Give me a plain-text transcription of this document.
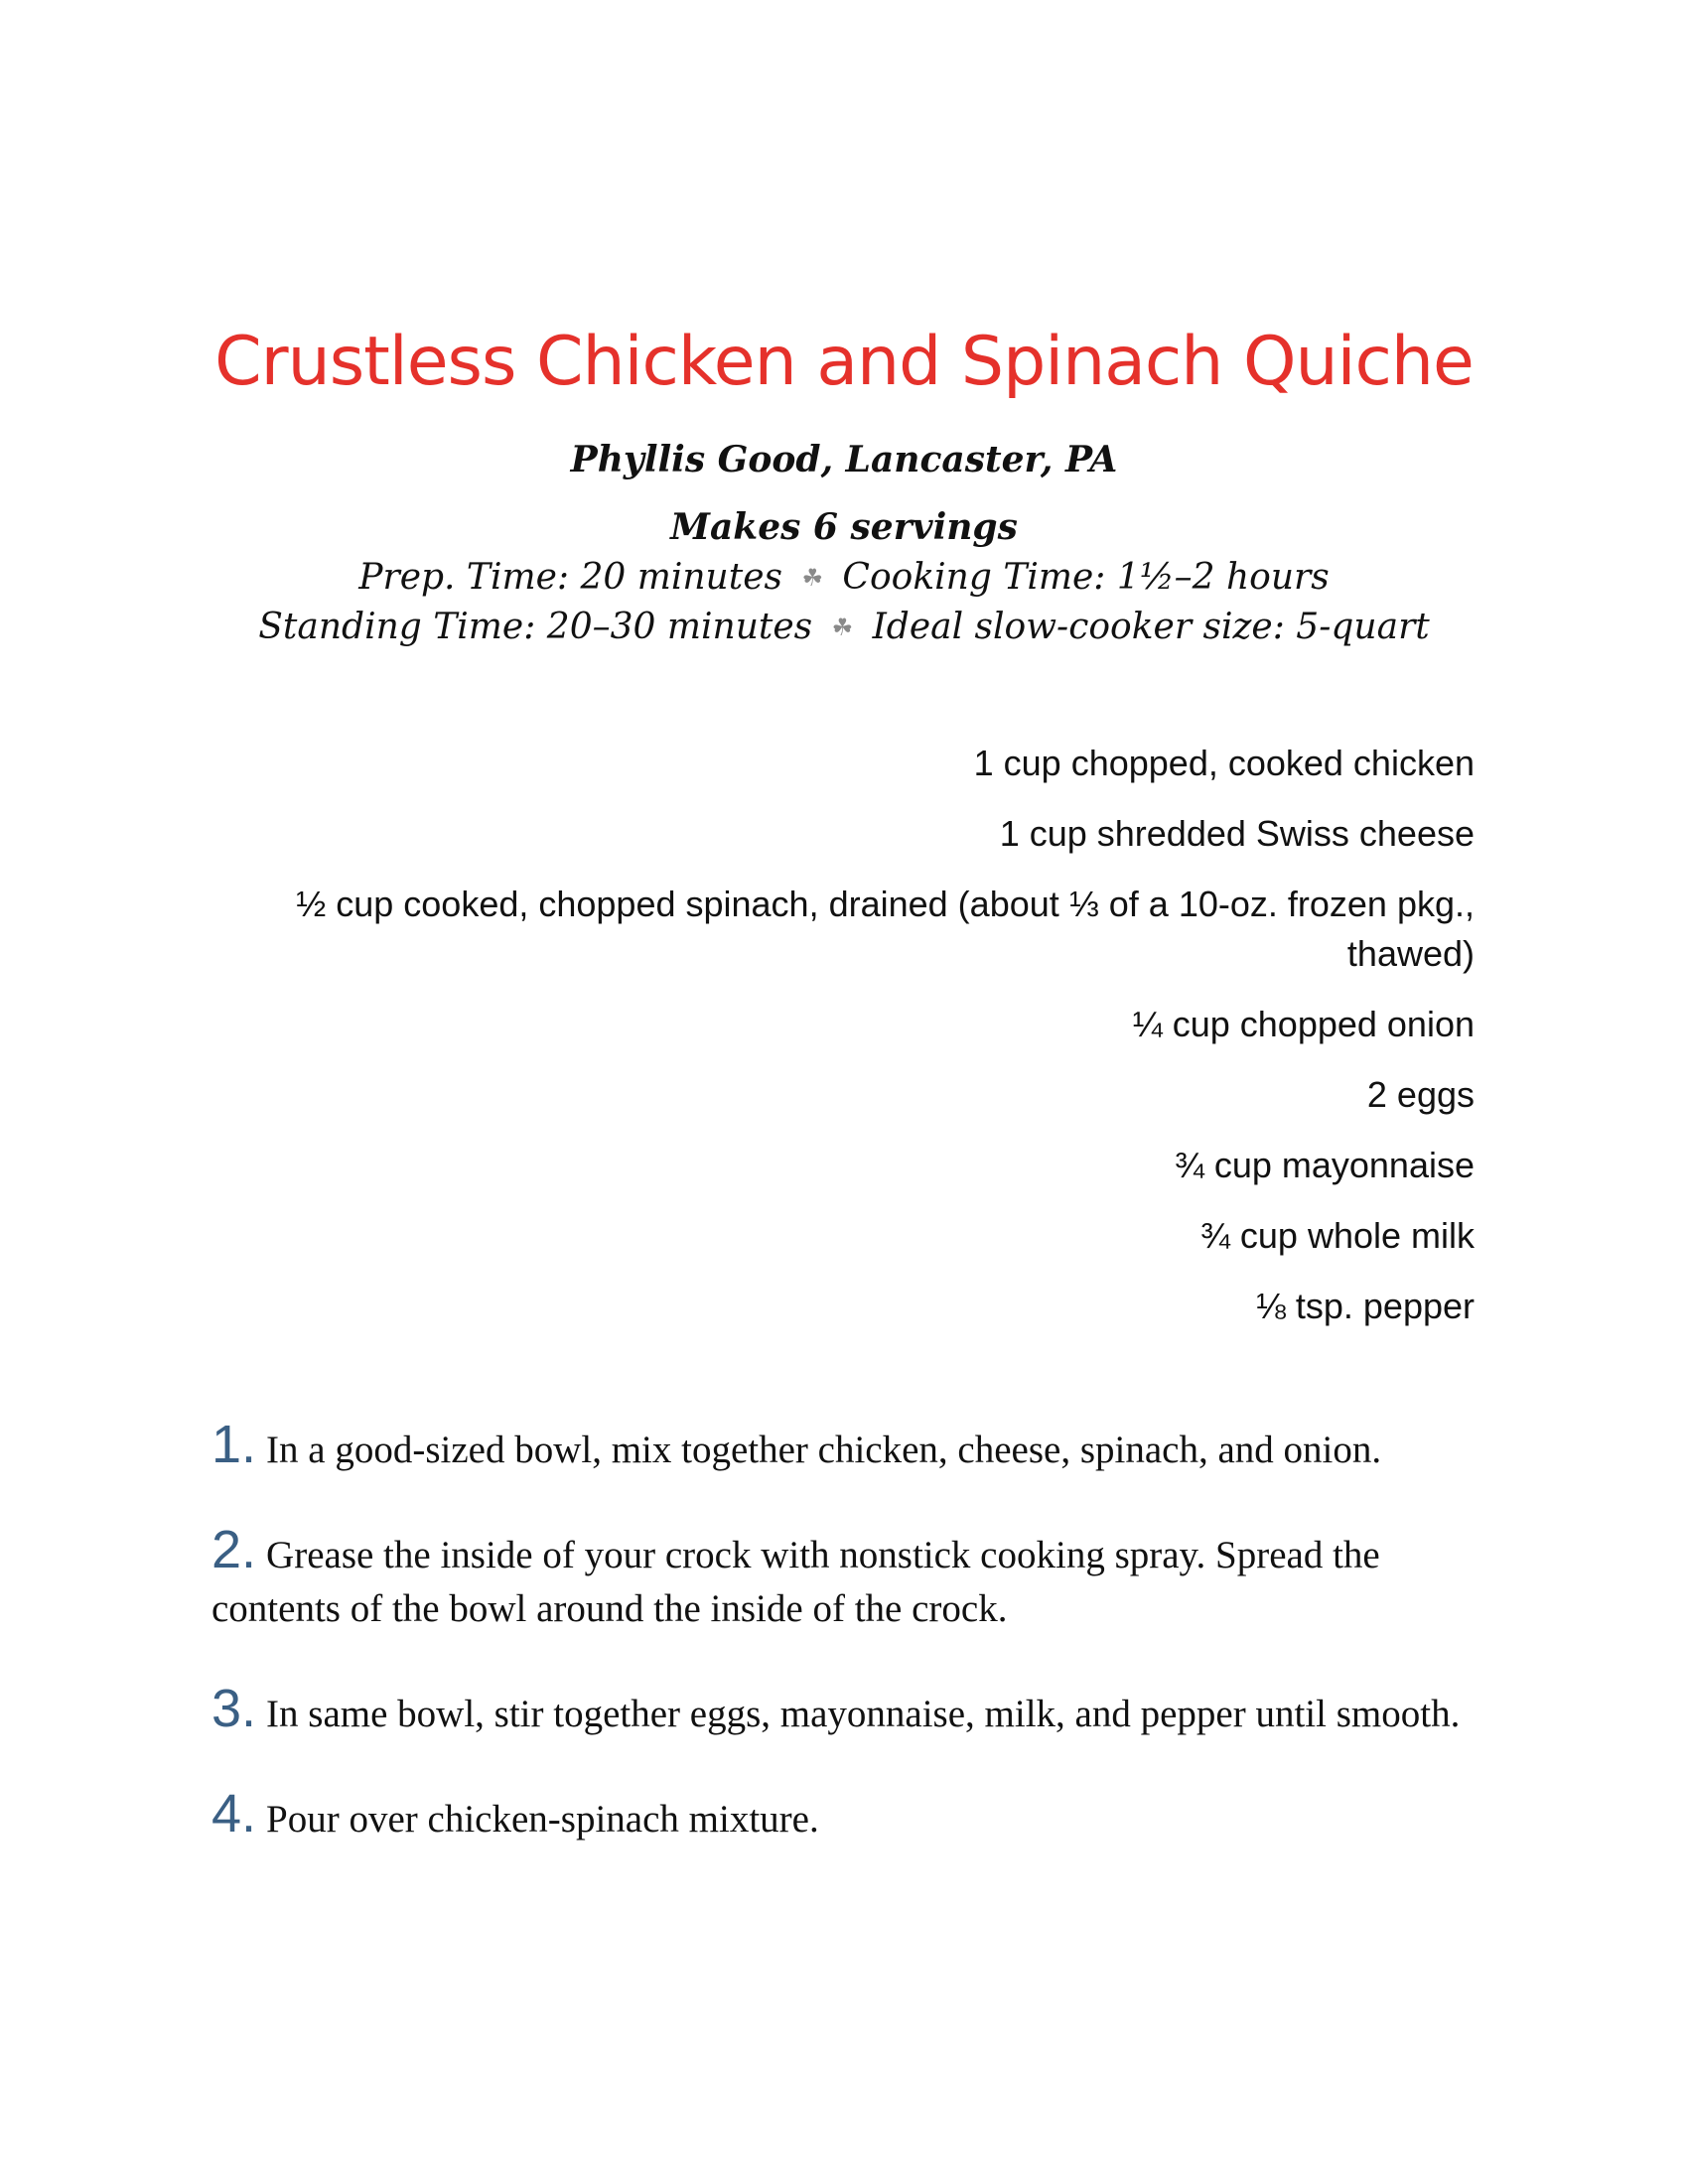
Crustless Chicken and Spinach Quiche
Phyllis Good, Lancaster, PA
Makes 6 servings
Prep. Time: 20 minutes ☘ Cooking Time: 1½–2 hours
Standing Time: 20–30 minutes ☘ Ideal slow-cooker size: 5-quart
1 cup chopped, cooked chicken
1 cup shredded Swiss cheese
½ cup cooked, chopped spinach, drained (about ⅓ of a 10-oz. frozen pkg., thawed)
¼ cup chopped onion
2 eggs
¾ cup mayonnaise
¾ cup whole milk
⅛ tsp. pepper
1. In a good-sized bowl, mix together chicken, cheese, spinach, and onion.
2. Grease the inside of your crock with nonstick cooking spray. Spread the contents of the bowl around the inside of the crock.
3. In same bowl, stir together eggs, mayonnaise, milk, and pepper until smooth.
4. Pour over chicken-spinach mixture.
